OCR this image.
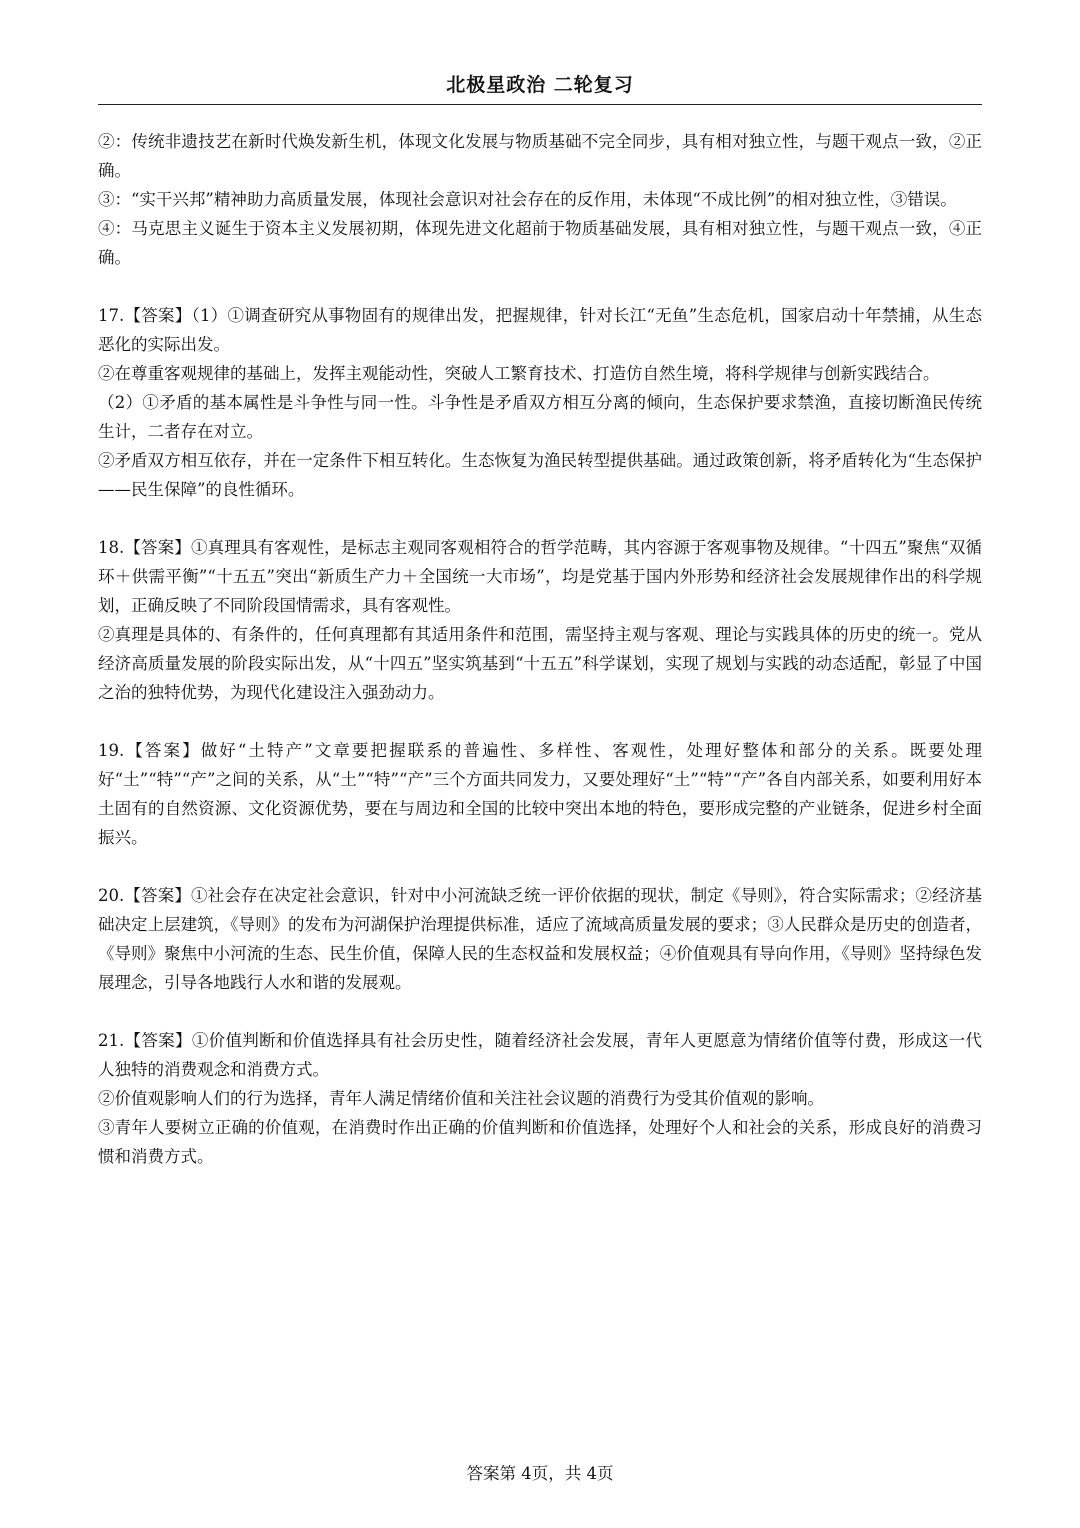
北极星政治 二轮复习

②：传统非遗技艺在新时代焕发新生机，体现文化发展与物质基础不完全同步，具有相对独立性，与题干观点一致，②正确。

③：“实干兴邦”精神助力高质量发展，体现社会意识对社会存在的反作用，未体现“不成比例”的相对独立性，③错误。

④：马克思主义诞生于资本主义发展初期，体现先进文化超前于物质基础发展，具有相对独立性，与题干观点一致，④正确。

17.【答案】（1）①调查研究从事物固有的规律出发，把握规律，针对长江“无鱼”生态危机，国家启动十年禁捕，从生态恶化的实际出发。

②在尊重客观规律的基础上，发挥主观能动性，突破人工繁育技术、打造仿自然生境，将科学规律与创新实践结合。

（2）①矛盾的基本属性是斗争性与同一性。斗争性是矛盾双方相互分离的倾向，生态保护要求禁渔，直接切断渔民传统生计，二者存在对立。

②矛盾双方相互依存，并在一定条件下相互转化。生态恢复为渔民转型提供基础。通过政策创新，将矛盾转化为“生态保护——民生保障”的良性循环。

18.【答案】①真理具有客观性，是标志主观同客观相符合的哲学范畴，其内容源于客观事物及规律。“十四五”聚焦“双循环＋供需平衡”“十五五”突出“新质生产力＋全国统一大市场”，均是党基于国内外形势和经济社会发展规律作出的科学规划，正确反映了不同阶段国情需求，具有客观性。

②真理是具体的、有条件的，任何真理都有其适用条件和范围，需坚持主观与客观、理论与实践具体的历史的统一。党从经济高质量发展的阶段实际出发，从“十四五”坚实筑基到“十五五”科学谋划，实现了规划与实践的动态适配，彰显了中国之治的独特优势，为现代化建设注入强劲动力。

19.【答案】做好“土特产”文章要把握联系的普遍性、多样性、客观性，处理好整体和部分的关系。既要处理好“土”“特”“产”之间的关系，从“土”“特”“产”三个方面共同发力，又要处理好“土”“特”“产”各自内部关系，如要利用好本土固有的自然资源、文化资源优势，要在与周边和全国的比较中突出本地的特色，要形成完整的产业链条，促进乡村全面振兴。

20.【答案】①社会存在决定社会意识，针对中小河流缺乏统一评价依据的现状，制定《导则》，符合实际需求；②经济基础决定上层建筑，《导则》的发布为河湖保护治理提供标准，适应了流域高质量发展的要求；③人民群众是历史的创造者，《导则》聚焦中小河流的生态、民生价值，保障人民的生态权益和发展权益；④价值观具有导向作用，《导则》坚持绿色发展理念，引导各地践行人水和谐的发展观。

21.【答案】①价值判断和价值选择具有社会历史性，随着经济社会发展，青年人更愿意为情绪价值等付费，形成这一代人独特的消费观念和消费方式。

②价值观影响人们的行为选择，青年人满足情绪价值和关注社会议题的消费行为受其价值观的影响。

③青年人要树立正确的价值观，在消费时作出正确的价值判断和价值选择，处理好个人和社会的关系，形成良好的消费习惯和消费方式。

答案第 4页，共 4页
